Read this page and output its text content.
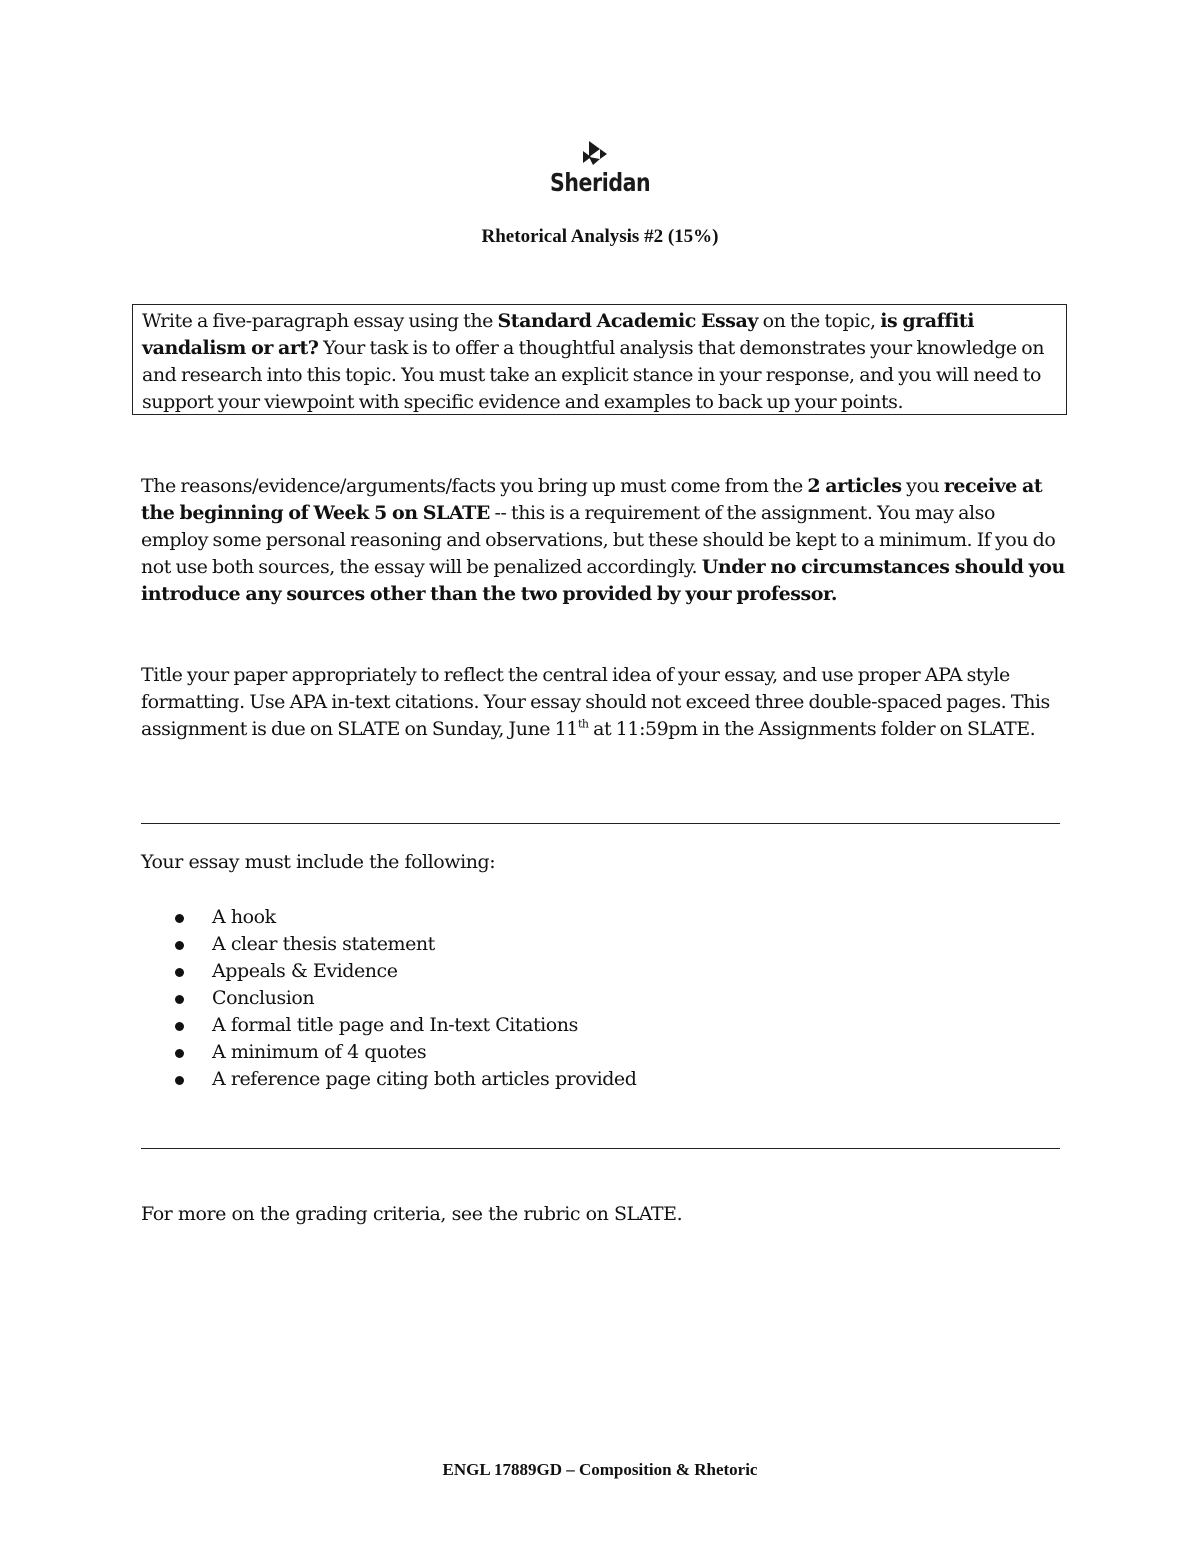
Sheridan
Rhetorical Analysis #2 (15%)
Write a five-paragraph essay using the Standard Academic Essay on the topic, is graffiti vandalism or art? Your task is to offer a thoughtful analysis that demonstrates your knowledge on and research into this topic. You must take an explicit stance in your response, and you will need to support your viewpoint with specific evidence and examples to back up your points.
The reasons/evidence/arguments/facts you bring up must come from the 2 articles you receive at the beginning of Week 5 on SLATE -- this is a requirement of the assignment. You may also employ some personal reasoning and observations, but these should be kept to a minimum. If you do not use both sources, the essay will be penalized accordingly. Under no circumstances should you introduce any sources other than the two provided by your professor.
Title your paper appropriately to reflect the central idea of your essay, and use proper APA style formatting. Use APA in-text citations. Your essay should not exceed three double-spaced pages. This assignment is due on SLATE on Sunday, June 11th at 11:59pm in the Assignments folder on SLATE.
Your essay must include the following:
A hook
A clear thesis statement
Appeals & Evidence
Conclusion
A formal title page and In-text Citations
A minimum of 4 quotes
A reference page citing both articles provided
For more on the grading criteria, see the rubric on SLATE.
ENGL 17889GD – Composition & Rhetoric
